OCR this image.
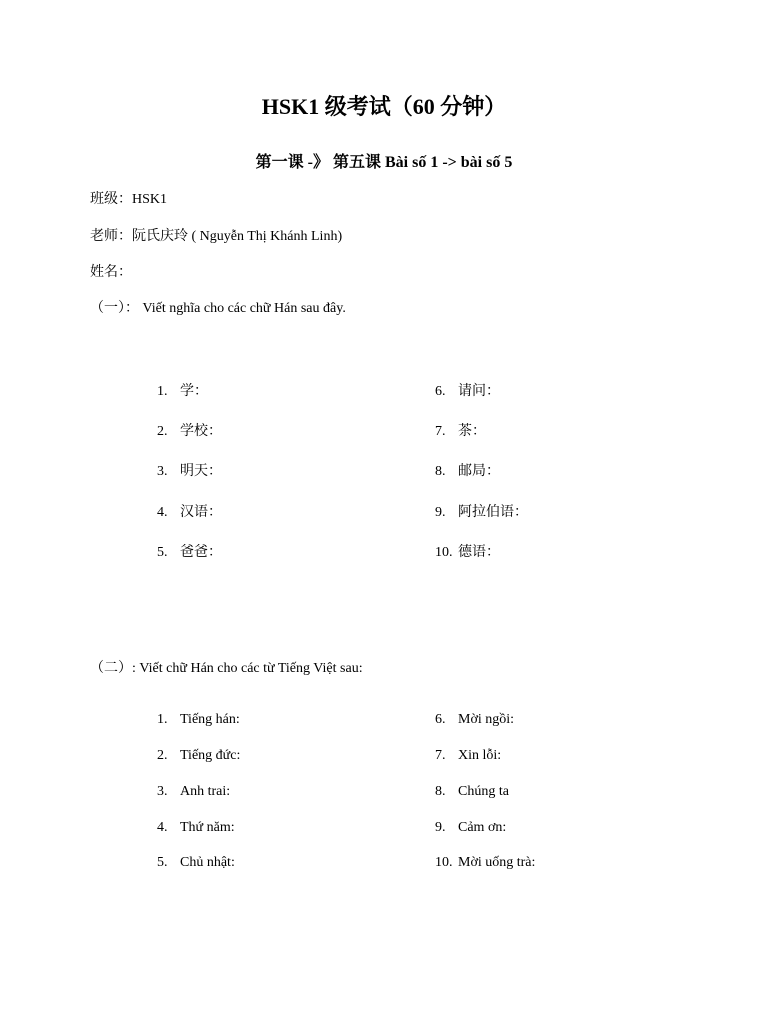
HSK1 级考试（60 分钟）
第一课 -》 第五课 Bài số 1 -> bài số 5
班级：HSK1
老师：阮氏庆玲 ( Nguyễn Thị Khánh Linh)
姓名：
（一）： Viết nghĩa cho các chữ Hán sau đây.
1. 学：
2. 学校：
3. 明天：
4. 汉语：
5. 爸爸：
6. 请问：
7. 茶：
8. 邮局：
9. 阿拉伯语：
10. 德语：
（二）: Viết chữ Hán cho các từ Tiếng Việt sau:
1. Tiếng hán:
2. Tiếng đức:
3. Anh trai:
4. Thứ năm:
5. Chủ nhật:
6. Mời ngồi:
7. Xin lỗi:
8. Chúng ta
9. Cảm ơn:
10. Mời uống trà:
